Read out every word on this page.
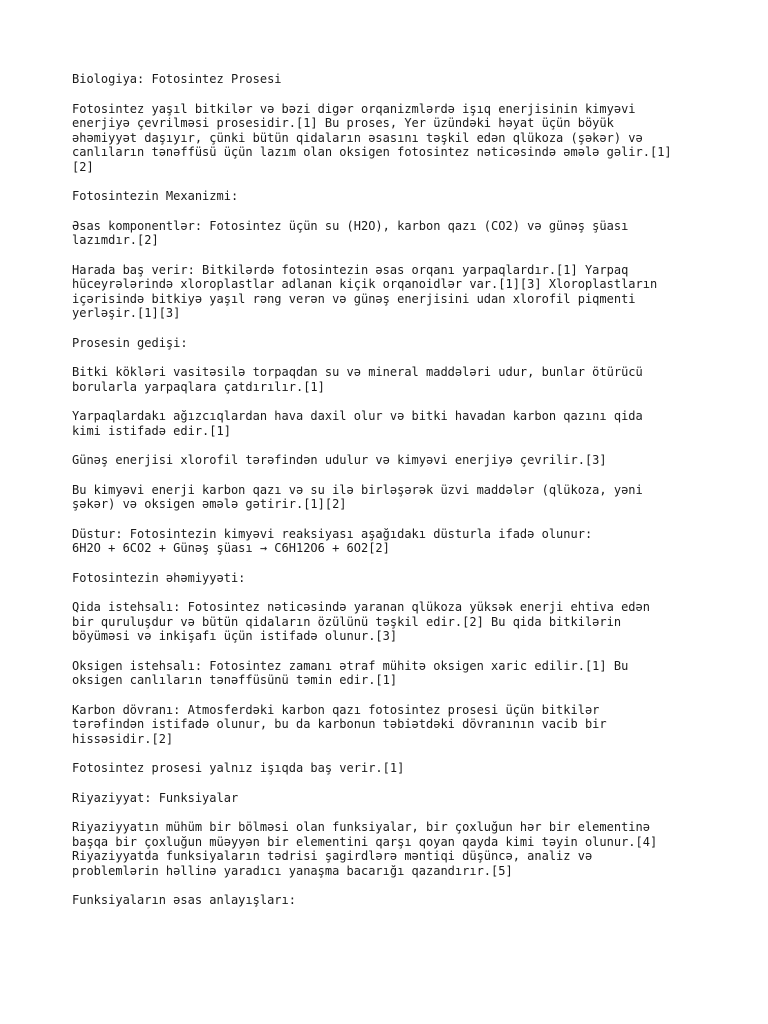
Biologiya: Fotosintez Prosesi

Fotosintez yaşıl bitkilər və bəzi digər orqanizmlərdə işıq enerjisinin kimyəvi
enerjiyə çevrilməsi prosesidir.[1] Bu proses, Yer üzündəki həyat üçün böyük
əhəmiyyət daşıyır, çünki bütün qidaların əsasını təşkil edən qlükoza (şəkər) və
canlıların tənəffüsü üçün lazım olan oksigen fotosintez nəticəsində əmələ gəlir.[1]
[2]

Fotosintezin Mexanizmi:

Əsas komponentlər: Fotosintez üçün su (H2O), karbon qazı (CO2) və günəş şüası
lazımdır.[2]

Harada baş verir: Bitkilərdə fotosintezin əsas orqanı yarpaqlardır.[1] Yarpaq
hüceyrələrində xloroplastlar adlanan kiçik orqanoidlər var.[1][3] Xloroplastların
içərisində bitkiyə yaşıl rəng verən və günəş enerjisini udan xlorofil piqmenti
yerləşir.[1][3]

Prosesin gedişi:

Bitki kökləri vasitəsilə torpaqdan su və mineral maddələri udur, bunlar ötürücü
borularla yarpaqlara çatdırılır.[1]

Yarpaqlardakı ağızcıqlardan hava daxil olur və bitki havadan karbon qazını qida
kimi istifadə edir.[1]

Günəş enerjisi xlorofil tərəfindən udulur və kimyəvi enerjiyə çevrilir.[3]

Bu kimyəvi enerji karbon qazı və su ilə birləşərək üzvi maddələr (qlükoza, yəni
şəkər) və oksigen əmələ gətirir.[1][2]

Düstur: Fotosintezin kimyəvi reaksiyası aşağıdakı düsturla ifadə olunur:
6H2O + 6CO2 + Günəş şüası → C6H12O6 + 6O2[2]

Fotosintezin əhəmiyyəti:

Qida istehsalı: Fotosintez nəticəsində yaranan qlükoza yüksək enerji ehtiva edən
bir quruluşdur və bütün qidaların özülünü təşkil edir.[2] Bu qida bitkilərin
böyüməsi və inkişafı üçün istifadə olunur.[3]

Oksigen istehsalı: Fotosintez zamanı ətraf mühitə oksigen xaric edilir.[1] Bu
oksigen canlıların tənəffüsünü təmin edir.[1]

Karbon dövranı: Atmosferdəki karbon qazı fotosintez prosesi üçün bitkilər
tərəfindən istifadə olunur, bu da karbonun təbiətdəki dövranının vacib bir
hissəsidir.[2]

Fotosintez prosesi yalnız işıqda baş verir.[1]

Riyaziyyat: Funksiyalar

Riyaziyyatın mühüm bir bölməsi olan funksiyalar, bir çoxluğun hər bir elementinə
başqa bir çoxluğun müəyyən bir elementini qarşı qoyan qayda kimi təyin olunur.[4]
Riyaziyyatda funksiyaların tədrisi şagirdlərə məntiqi düşüncə, analiz və
problemlərin həllinə yaradıcı yanaşma bacarığı qazandırır.[5]

Funksiyaların əsas anlayışları:
